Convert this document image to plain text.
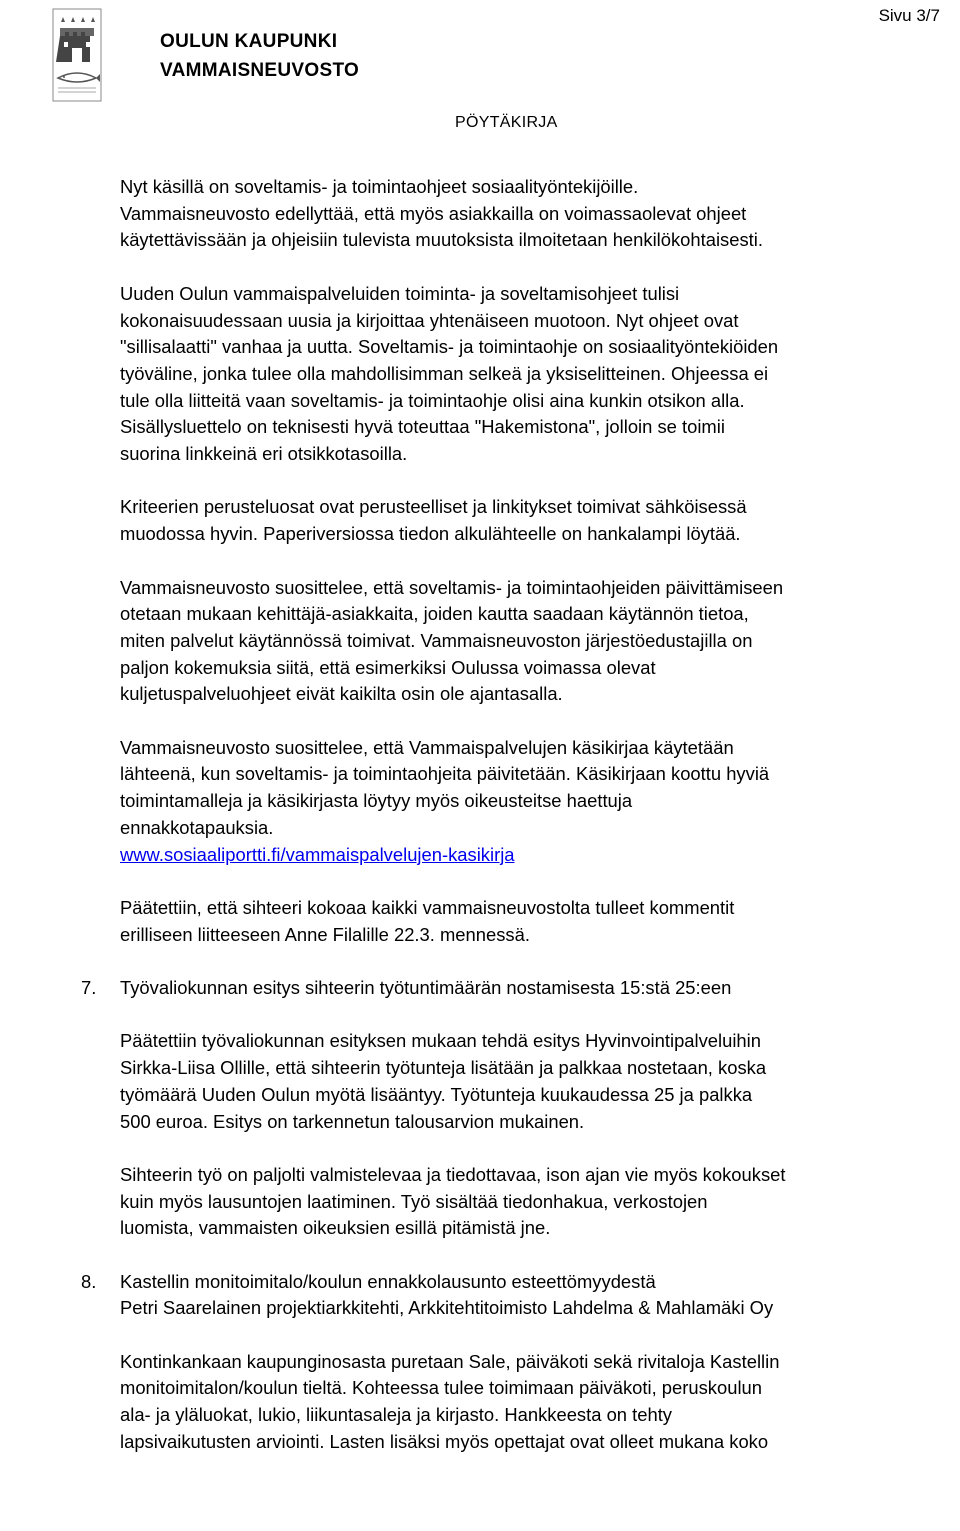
OULUN KAUPUNKI
VAMMAISNEUVOSTO
Sivu 3/7
PÖYTÄKIRJA

Nyt käsillä on soveltamis- ja toimintaohjeet sosiaalityöntekijöille.

Vammaisneuvosto edellyttää, että myös asiakkailla on voimassaolevat ohjeet

käytettävissään ja ohjeisiin tulevista muutoksista ilmoitetaan henkilökohtaisesti.

Uuden Oulun vammaispalveluiden toiminta- ja soveltamisohjeet tulisi

kokonaisuudessaan uusia ja kirjoittaa yhtenäiseen muotoon. Nyt ohjeet ovat

"sillisalaatti" vanhaa ja uutta. Soveltamis- ja toimintaohje on sosiaalityöntekiöiden

työväline, jonka tulee olla mahdollisimman selkeä ja yksiselitteinen. Ohjeessa ei

tule olla liitteitä vaan soveltamis- ja toimintaohje olisi aina kunkin otsikon alla.

Sisällysluettelo on teknisesti hyvä toteuttaa "Hakemistona", jolloin se toimii

suorina linkkeinä eri otsikkotasoilla.

Kriteerien perusteluosat ovat perusteelliset ja linkitykset toimivat sähköisessä

muodossa hyvin. Paperiversiossa tiedon alkulähteelle on hankalampi löytää.

Vammaisneuvosto suosittelee, että soveltamis- ja toimintaohjeiden päivittämiseen

otetaan mukaan kehittäjä-asiakkaita, joiden kautta saadaan käytännön tietoa,

miten palvelut käytännössä toimivat. Vammaisneuvoston järjestöedustajilla on

paljon kokemuksia siitä, että esimerkiksi Oulussa voimassa olevat

kuljetuspalveluohjeet eivät kaikilta osin ole ajantasalla.

Vammaisneuvosto suosittelee, että Vammaispalvelujen käsikirjaa käytetään

lähteenä, kun soveltamis- ja toimintaohjeita päivitetään. Käsikirjaan koottu hyviä

toimintamalleja ja käsikirjasta löytyy myös oikeusteitse haettuja

ennakkotapauksia.

www.sosiaaliportti.fi/vammaispalvelujen-kasikirja

Päätettiin, että sihteeri kokoaa kaikki vammaisneuvostolta tulleet kommentit

erilliseen liitteeseen Anne Filalille 22.3. mennessä.

7. Työvaliokunnan esitys sihteerin työtuntimäärän nostamisesta 15:stä 25:een

Päätettiin työvaliokunnan esityksen mukaan tehdä esitys Hyvinvointipalveluihin

Sirkka-Liisa Ollille, että sihteerin työtunteja lisätään ja palkkaa nostetaan, koska

työmäärä Uuden Oulun myötä lisääntyy. Työtunteja kuukaudessa 25 ja palkka

500 euroa. Esitys on tarkennetun talousarvion mukainen.

Sihteerin työ on paljolti valmistelevaa ja tiedottavaa, ison ajan vie myös kokoukset

kuin myös lausuntojen laatiminen. Työ sisältää tiedonhakua, verkostojen

luomista, vammaisten oikeuksien esillä pitämistä jne.

8. Kastellin monitoimitalo/koulun ennakkolausunto esteettömyydestä

Petri Saarelainen projektiarkkitehti, Arkkitehtitoimisto Lahdelma & Mahlamäki Oy

Kontinkankaan kaupunginosasta puretaan Sale, päiväkoti sekä rivitaloja Kastellin

monitoimitalon/koulun tieltä. Kohteessa tulee toimimaan päiväkoti, peruskoulun

ala- ja yläluokat, lukio, liikuntasaleja ja kirjasto. Hankkeesta on tehty

lapsivaikutusten arviointi. Lasten lisäksi myös opettajat ovat olleet mukana koko
